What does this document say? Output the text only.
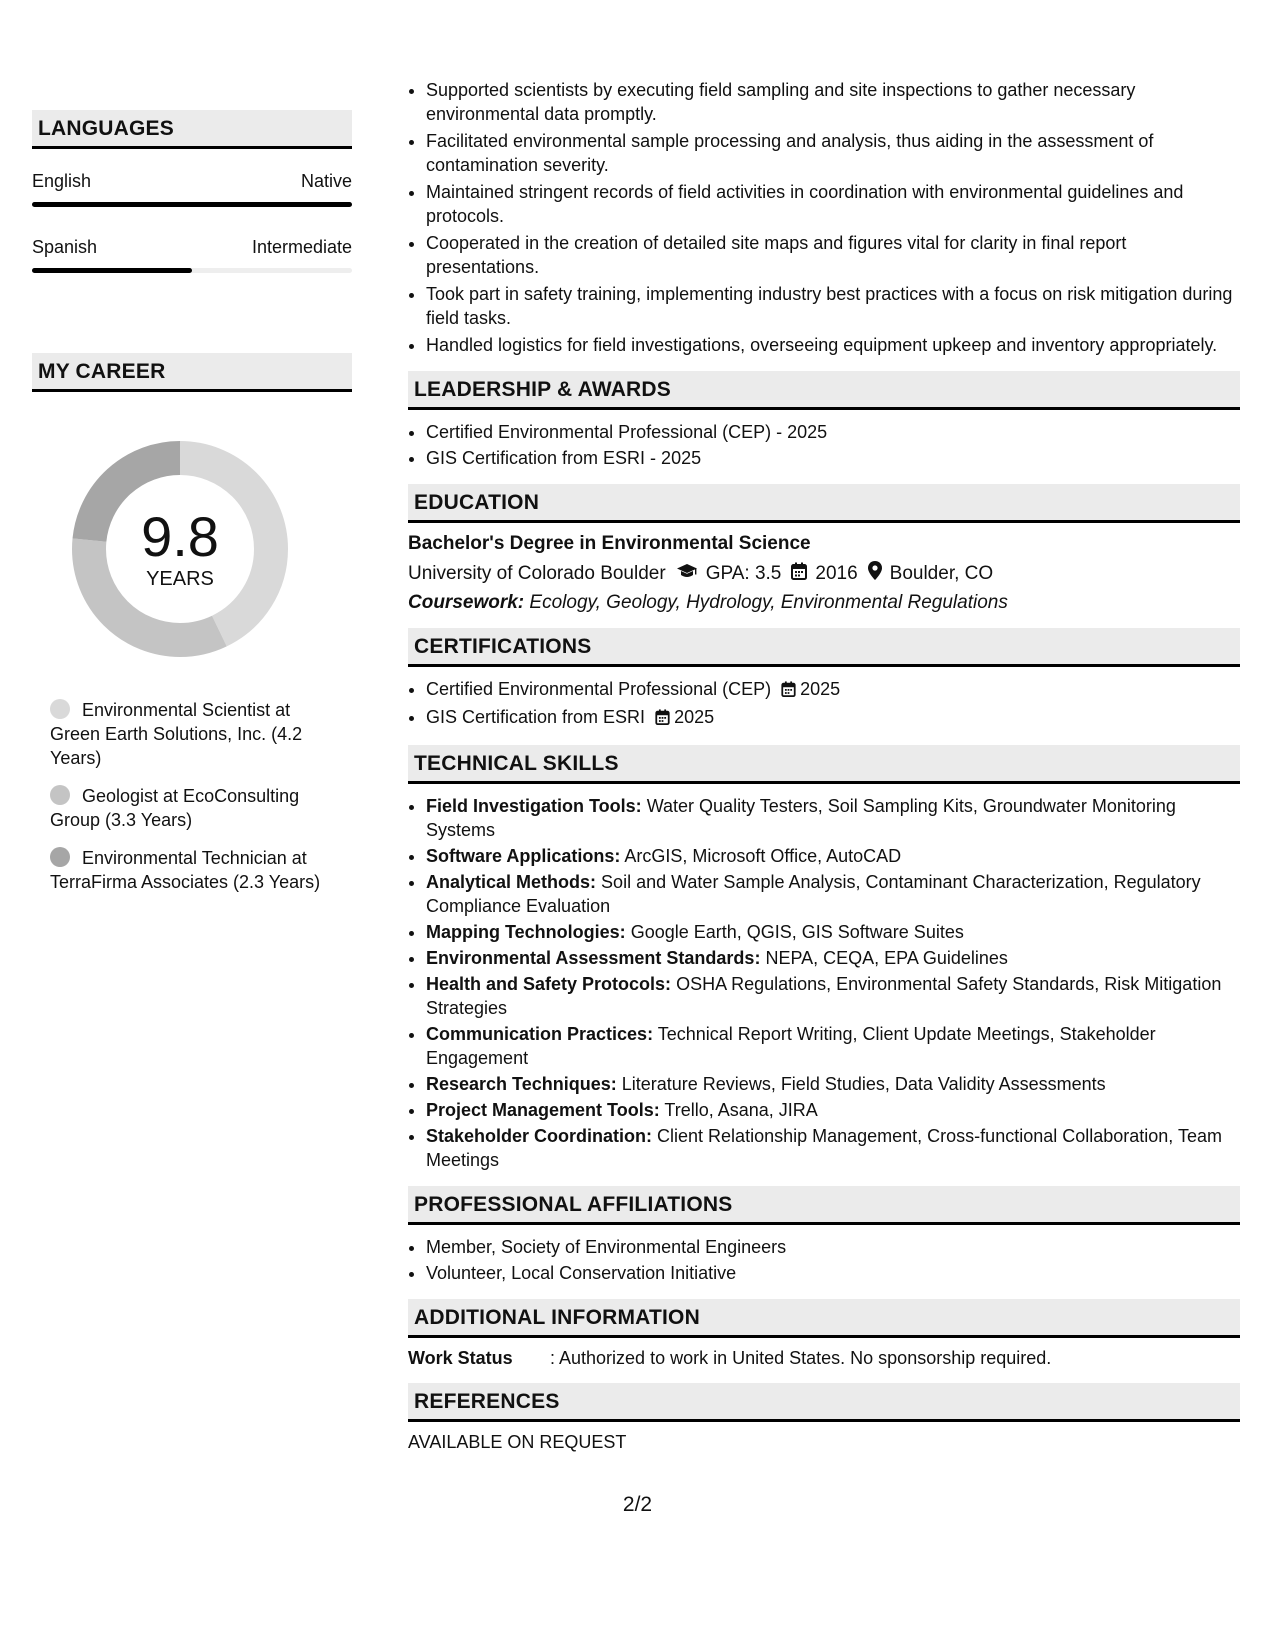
LANGUAGES
English	Native
Spanish	Intermediate
MY CAREER
9.8
YEARS
Environmental Scientist at Green Earth Solutions, Inc. (4.2 Years)
Geologist at EcoConsulting Group (3.3 Years)
Environmental Technician at TerraFirma Associates (2.3 Years)
• Supported scientists by executing field sampling and site inspections to gather necessary environmental data promptly.
• Facilitated environmental sample processing and analysis, thus aiding in the assessment of contamination severity.
• Maintained stringent records of field activities in coordination with environmental guidelines and protocols.
• Cooperated in the creation of detailed site maps and figures vital for clarity in final report presentations.
• Took part in safety training, implementing industry best practices with a focus on risk mitigation during field tasks.
• Handled logistics for field investigations, overseeing equipment upkeep and inventory appropriately.
LEADERSHIP & AWARDS
• Certified Environmental Professional (CEP) - 2025
• GIS Certification from ESRI - 2025
EDUCATION
Bachelor's Degree in Environmental Science
University of Colorado Boulder GPA: 3.5 2016 Boulder, CO
Coursework: Ecology, Geology, Hydrology, Environmental Regulations
CERTIFICATIONS
• Certified Environmental Professional (CEP) 2025
• GIS Certification from ESRI 2025
TECHNICAL SKILLS
• Field Investigation Tools: Water Quality Testers, Soil Sampling Kits, Groundwater Monitoring Systems
• Software Applications: ArcGIS, Microsoft Office, AutoCAD
• Analytical Methods: Soil and Water Sample Analysis, Contaminant Characterization, Regulatory Compliance Evaluation
• Mapping Technologies: Google Earth, QGIS, GIS Software Suites
• Environmental Assessment Standards: NEPA, CEQA, EPA Guidelines
• Health and Safety Protocols: OSHA Regulations, Environmental Safety Standards, Risk Mitigation Strategies
• Communication Practices: Technical Report Writing, Client Update Meetings, Stakeholder Engagement
• Research Techniques: Literature Reviews, Field Studies, Data Validity Assessments
• Project Management Tools: Trello, Asana, JIRA
• Stakeholder Coordination: Client Relationship Management, Cross-functional Collaboration, Team Meetings
PROFESSIONAL AFFILIATIONS
• Member, Society of Environmental Engineers
• Volunteer, Local Conservation Initiative
ADDITIONAL INFORMATION
Work Status	: Authorized to work in United States. No sponsorship required.
REFERENCES
AVAILABLE ON REQUEST
2/2
